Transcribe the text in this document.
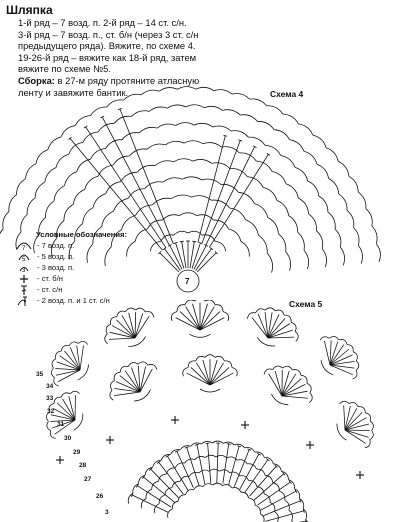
Шляпка

1-й ряд – 7 возд. п. 2-й ряд – 14 ст. с/н.

3-й ряд – 7 возд. п., ст. б/н (через 3 ст. с/н

предыдущего ряда). Вяжите, по схеме 4.

19-26-й ряд – вяжите как 18-й ряд, затем

вяжите по схеме №5.

Сборка: в 27-м ряду протяните атласную

ленту и завяжите бантик.	Схема 4
Схема 5
7
Условные обозначения:
7 - 7 возд. п.
5 - 5 возд. п.
3 - 3 возд. п.
- ст. б/н
- ст. с/н
- 2 возд. п. и 1 ст. с/н
35
34
33
32
31
30
29
28
27
26
3
